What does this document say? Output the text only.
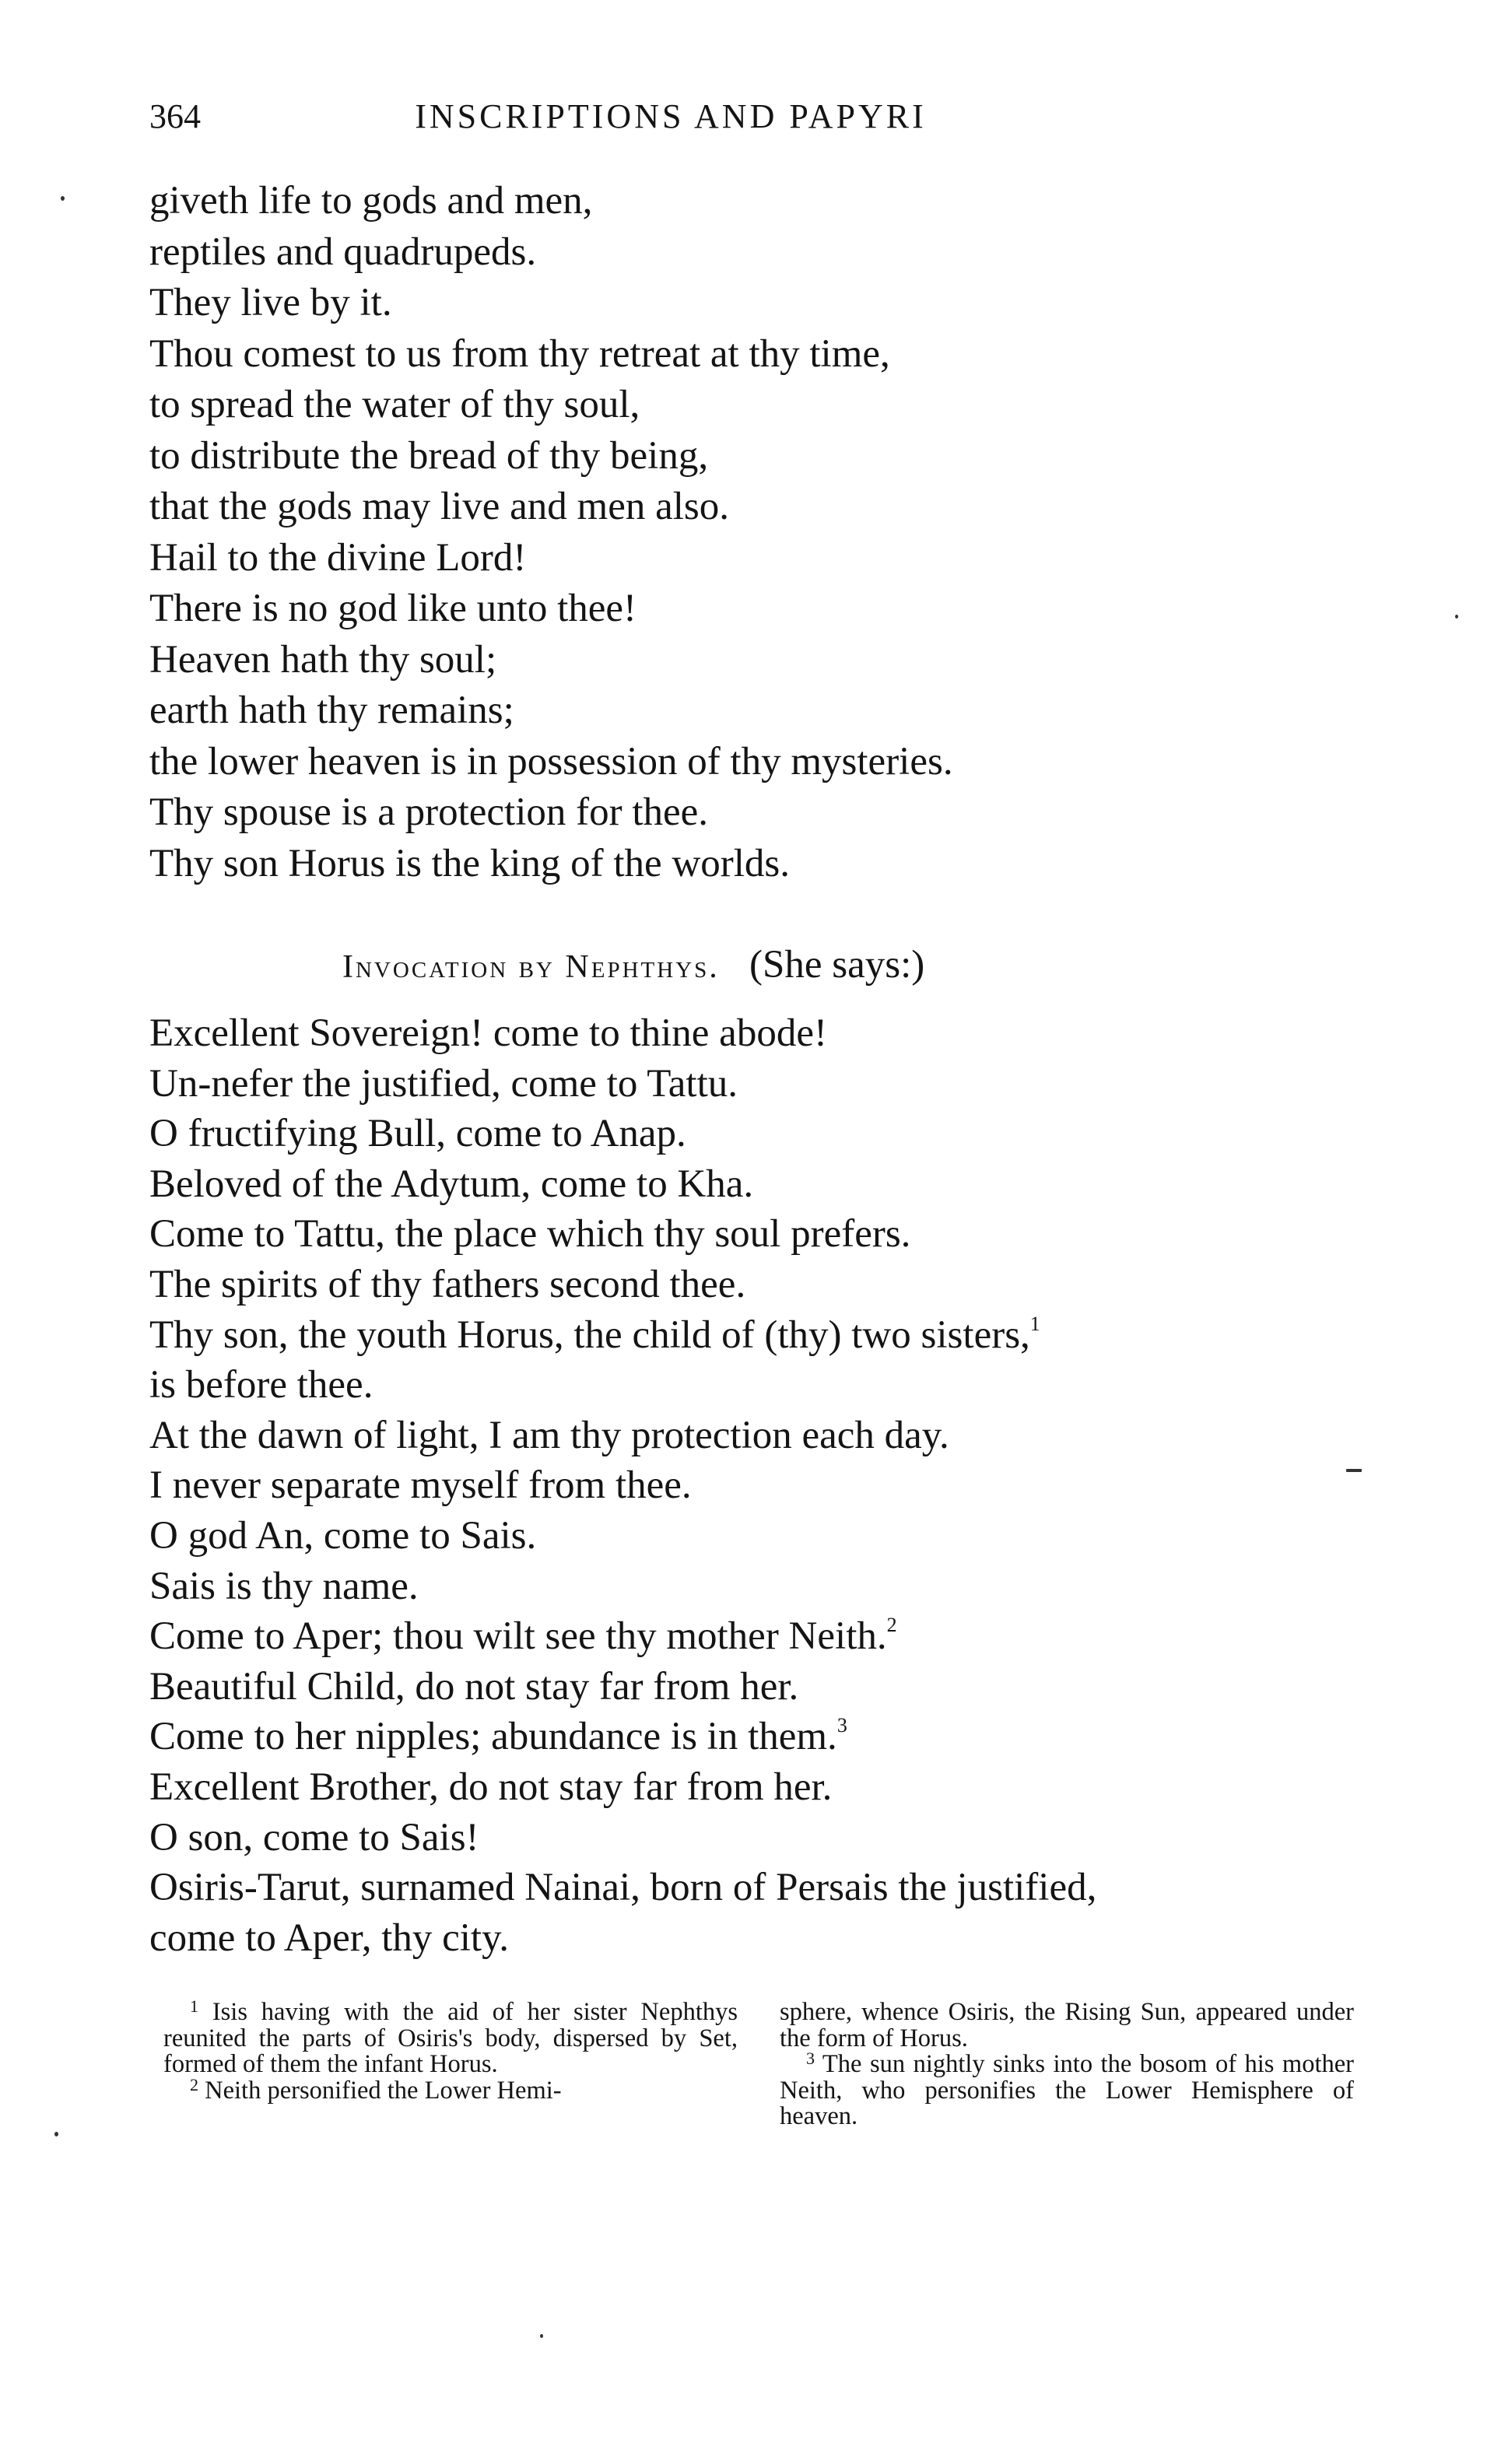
364	INSCRIPTIONS AND PAPYRI
giveth life to gods and men,
reptiles and quadrupeds.
They live by it.
Thou comest to us from thy retreat at thy time,
to spread the water of thy soul,
to distribute the bread of thy being,
that the gods may live and men also.
Hail to the divine Lord!
There is no god like unto thee!
Heaven hath thy soul;
earth hath thy remains;
the lower heaven is in possession of thy mysteries.
Thy spouse is a protection for thee.
Thy son Horus is the king of the worlds.
Invocation by Nephthys. (She says:)
Excellent Sovereign! come to thine abode!
Un-nefer the justified, come to Tattu.
O fructifying Bull, come to Anap.
Beloved of the Adytum, come to Kha.
Come to Tattu, the place which thy soul prefers.
The spirits of thy fathers second thee.
Thy son, the youth Horus, the child of (thy) two sisters,$^1$
is before thee.
At the dawn of light, I am thy protection each day.
I never separate myself from thee.
O god An, come to Sais.
Sais is thy name.
Come to Aper; thou wilt see thy mother Neith.$^2$
Beautiful Child, do not stay far from her.
Come to her nipples; abundance is in them.$^3$
Excellent Brother, do not stay far from her.
O son, come to Sais!
Osiris-Tarut, surnamed Nainai, born of Persais the justified,
come to Aper, thy city.

$^1$ Isis having with the aid of her sister Nephthys reunited the parts of Osiris's body, dispersed by Set, formed of them the infant Horus.

$^2$ Neith personified the Lower Hemi-

sphere, whence Osiris, the Rising Sun, appeared under the form of Horus.

$^3$ The sun nightly sinks into the bosom of his mother Neith, who personifies the Lower Hemisphere of heaven.
